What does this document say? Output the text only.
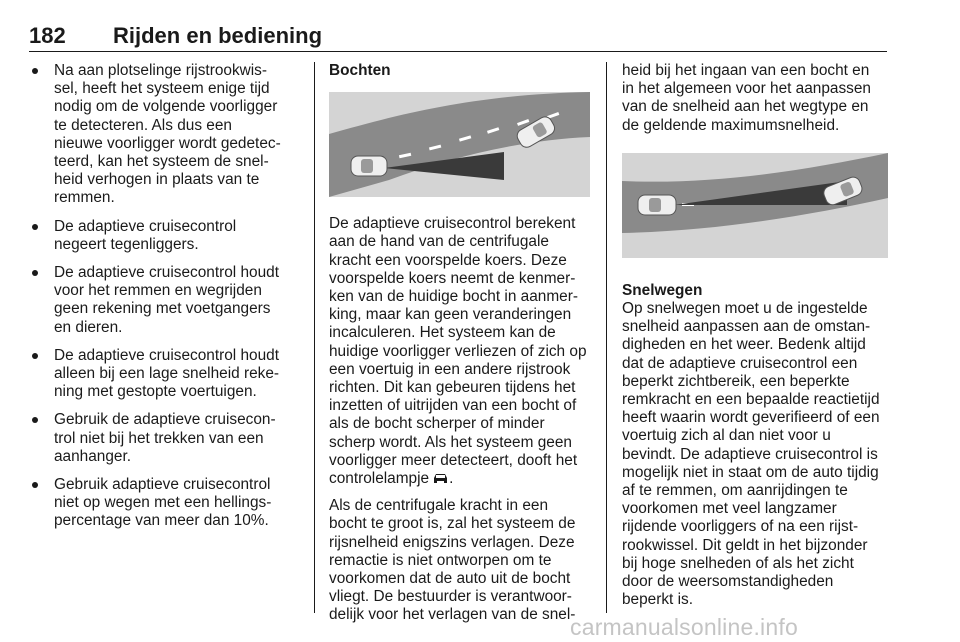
182 Rijden en bediening
Na aan plotselinge rijstrookwis-
sel, heeft het systeem enige tijd
nodig om de volgende voorligger
te detecteren. Als dus een
nieuwe voorligger wordt gedetec-
teerd, kan het systeem de snel-
heid verhogen in plaats van te
remmen.
De adaptieve cruisecontrol
negeert tegenliggers.
De adaptieve cruisecontrol houdt
voor het remmen en wegrijden
geen rekening met voetgangers
en dieren.
De adaptieve cruisecontrol houdt
alleen bij een lage snelheid reke-
ning met gestopte voertuigen.
Gebruik de adaptieve cruisecon-
trol niet bij het trekken van een
aanhanger.
Gebruik adaptieve cruisecontrol
niet op wegen met een hellings-
percentage van meer dan 10%.
Bochten

De adaptieve cruisecontrol berekent
aan de hand van de centrifugale
kracht een voorspelde koers. Deze
voorspelde koers neemt de kenmer-
ken van de huidige bocht in aanmer-
king, maar kan geen veranderingen
incalculeren. Het systeem kan de
huidige voorligger verliezen of zich op
een voertuig in een andere rijstrook
richten. Dit kan gebeuren tijdens het
inzetten of uitrijden van een bocht of
als de bocht scherper of minder
scherp wordt. Als het systeem geen
voorligger meer detecteert, dooft het
controlelampje .

Als de centrifugale kracht in een
bocht te groot is, zal het systeem de
rijsnelheid enigszins verlagen. Deze
remactie is niet ontworpen om te
voorkomen dat de auto uit de bocht
vliegt. De bestuurder is verantwoor-
delijk voor het verlagen van de snel-

heid bij het ingaan van een bocht en
in het algemeen voor het aanpassen
van de snelheid aan het wegtype en
de geldende maximumsnelheid.

Snelwegen

Op snelwegen moet u de ingestelde
snelheid aanpassen aan de omstan-
digheden en het weer. Bedenk altijd
dat de adaptieve cruisecontrol een
beperkt zichtbereik, een beperkte
remkracht en een bepaalde reactietijd
heeft waarin wordt geverifieerd of een
voertuig zich al dan niet voor u
bevindt. De adaptieve cruisecontrol is
mogelijk niet in staat om de auto tijdig
af te remmen, om aanrijdingen te
voorkomen met veel langzamer
rijdende voorliggers of na een rijst-
rookwissel. Dit geldt in het bijzonder
bij hoge snelheden of als het zicht
door de weersomstandigheden
beperkt is.

carmanualsonline.info
